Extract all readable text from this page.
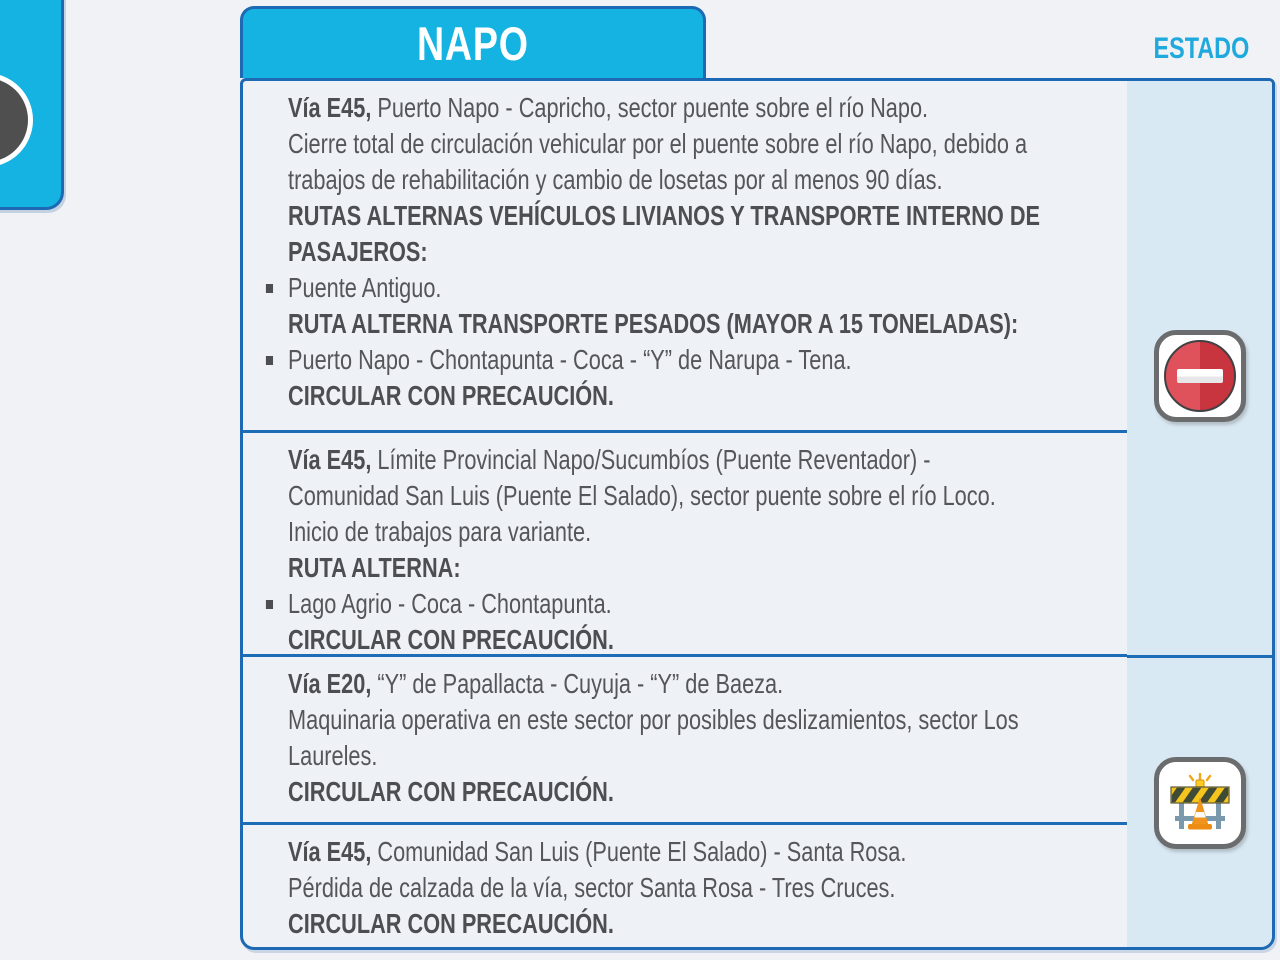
NAPO	ESTADO
Vía E45, Puerto Napo - Capricho, sector puente sobre el río Napo.
Cierre total de circulación vehicular por el puente sobre el río Napo, debido a
trabajos de rehabilitación y cambio de losetas por al menos 90 días.
RUTAS ALTERNAS VEHÍCULOS LIVIANOS Y TRANSPORTE INTERNO DE
PASAJEROS:
Puente Antiguo.
RUTA ALTERNA TRANSPORTE PESADOS (MAYOR A 15 TONELADAS):
Puerto Napo - Chontapunta - Coca - “Y” de Narupa - Tena.
CIRCULAR CON PRECAUCIÓN.
Vía E45, Límite Provincial Napo/Sucumbíos (Puente Reventador) -
Comunidad San Luis (Puente El Salado), sector puente sobre el río Loco.
Inicio de trabajos para variante.
RUTA ALTERNA:
Lago Agrio - Coca - Chontapunta.
CIRCULAR CON PRECAUCIÓN.
Vía E20, “Y” de Papallacta - Cuyuja - “Y” de Baeza.
Maquinaria operativa en este sector por posibles deslizamientos, sector Los
Laureles.
CIRCULAR CON PRECAUCIÓN.
Vía E45, Comunidad San Luis (Puente El Salado) - Santa Rosa.
Pérdida de calzada de la vía, sector Santa Rosa - Tres Cruces.
CIRCULAR CON PRECAUCIÓN.
